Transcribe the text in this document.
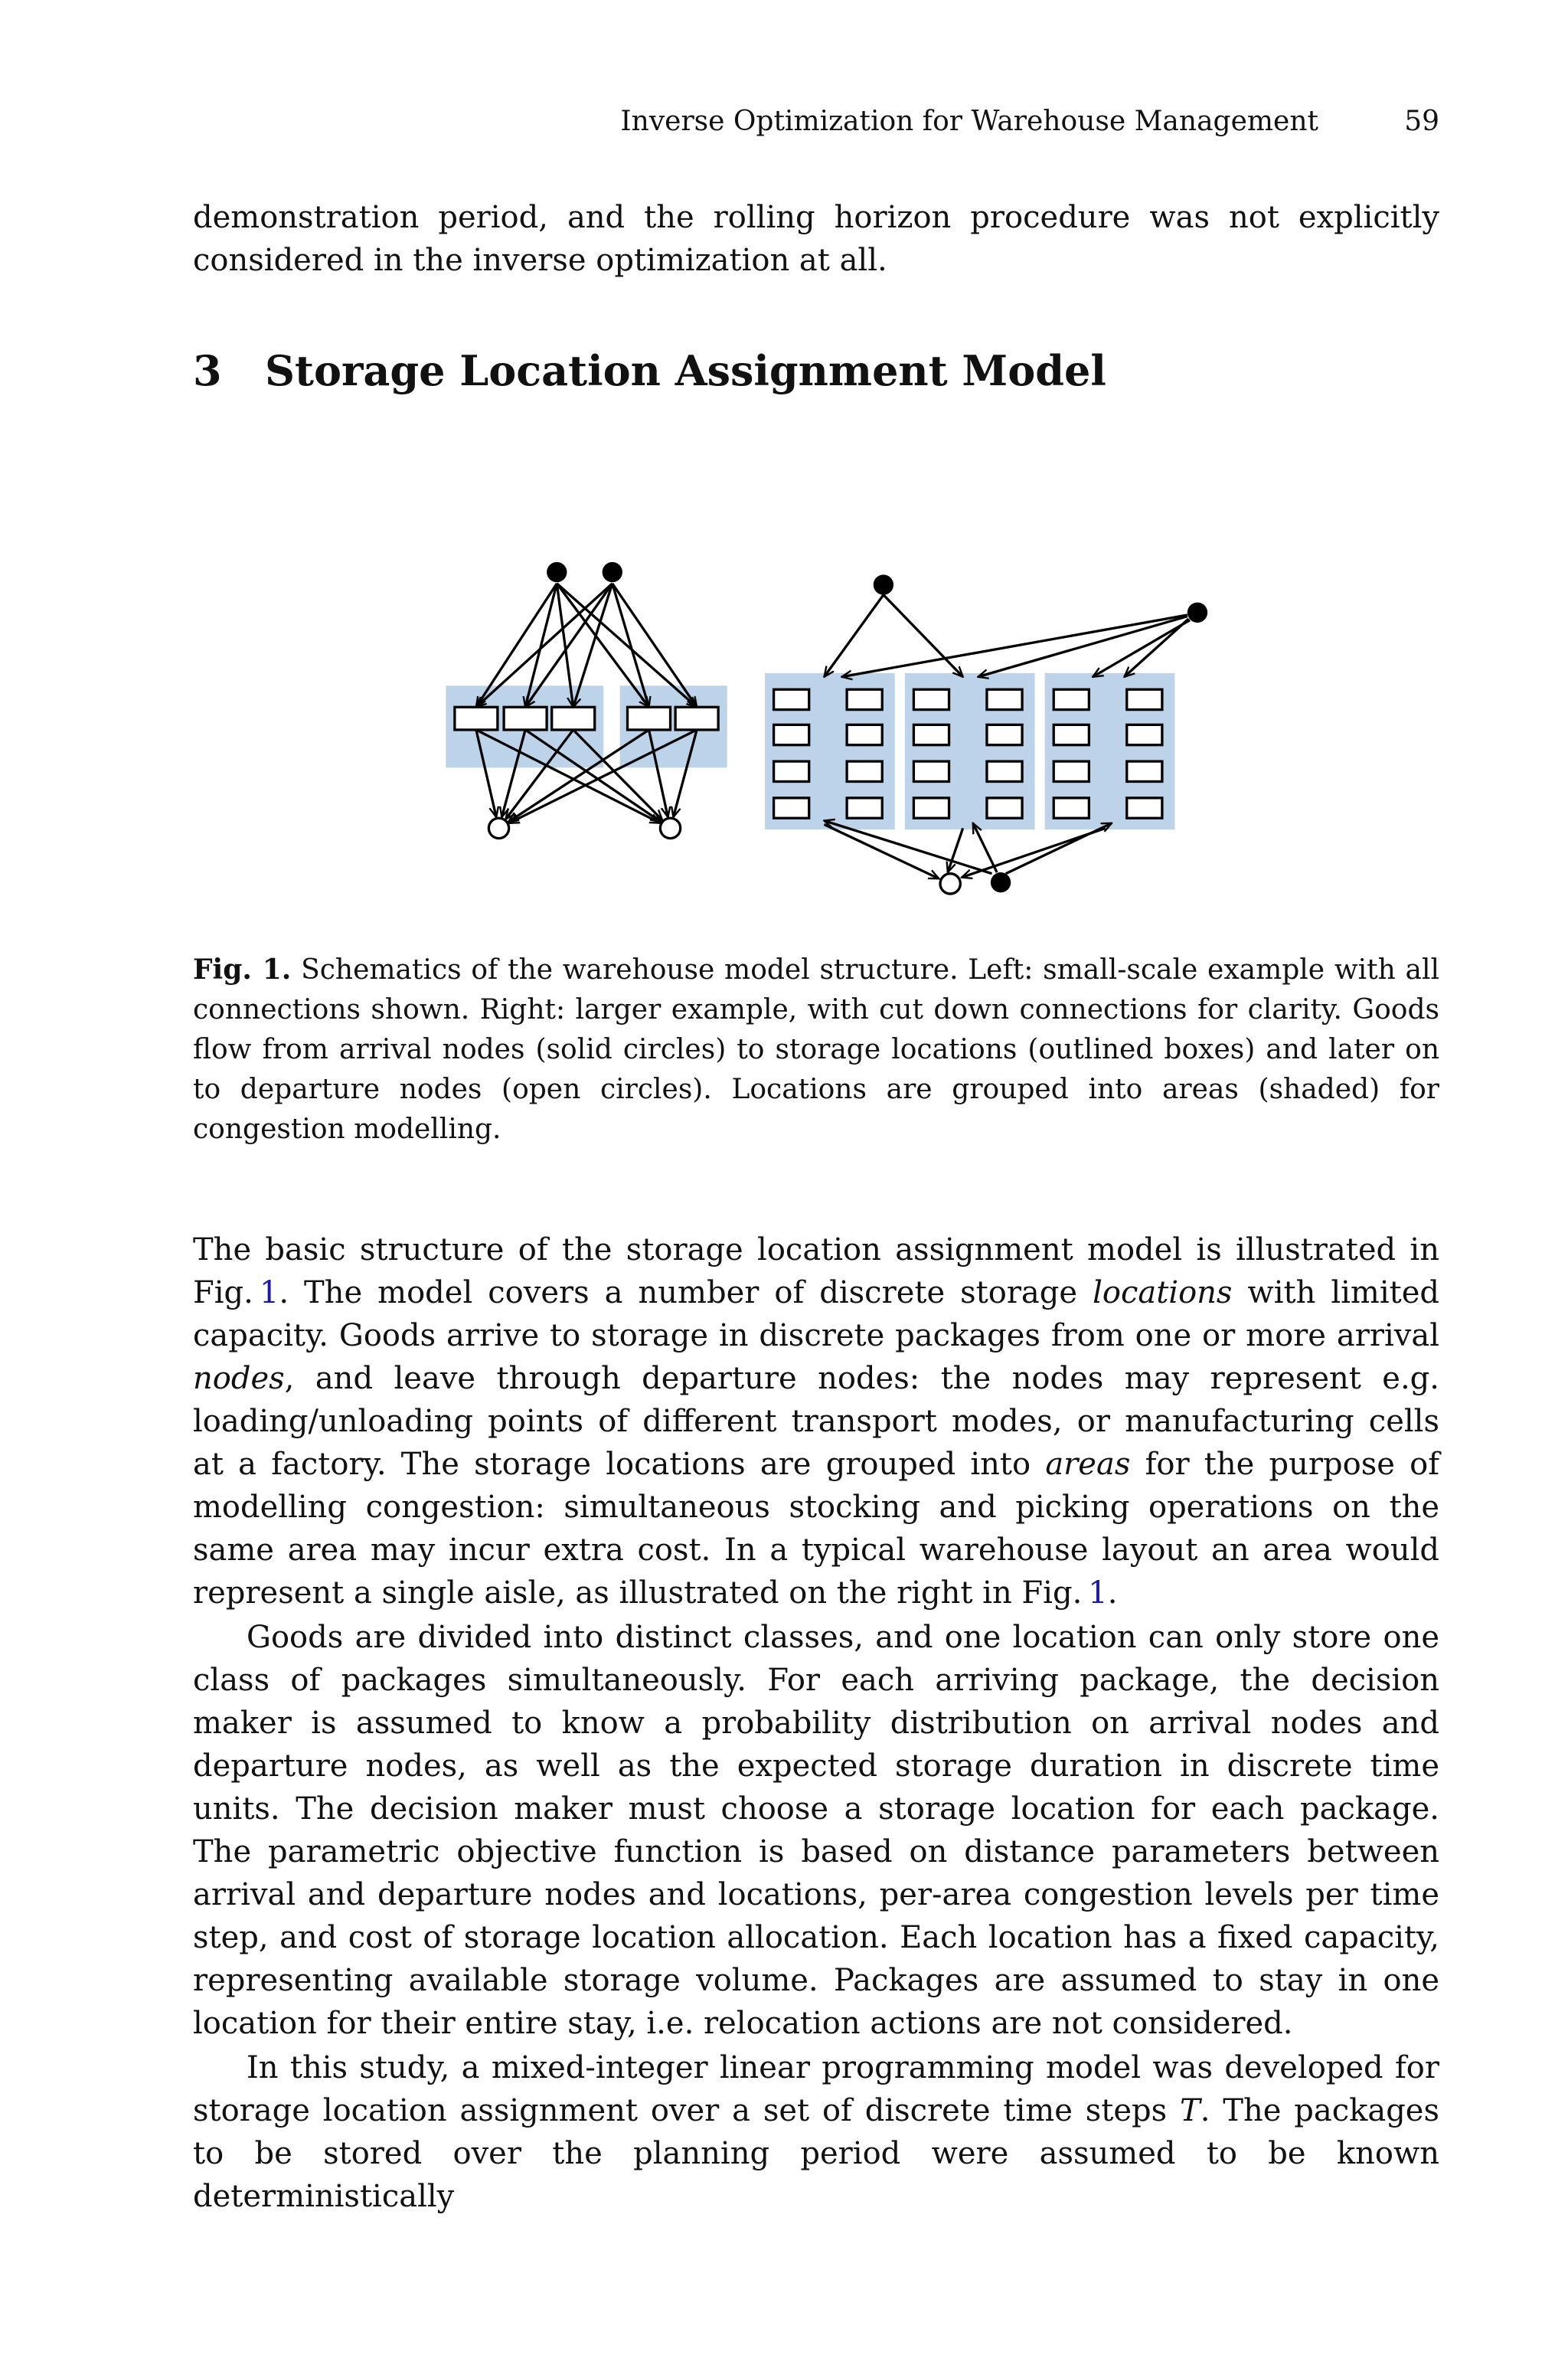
Inverse Optimization for Warehouse Management	59

demonstration period, and the rolling horizon procedure was not explicitly considered in the inverse optimization at all.

3 Storage Location Assignment Model

Fig. 1. Schematics of the warehouse model structure. Left: small-scale example with all connections shown. Right: larger example, with cut down connections for clarity. Goods flow from arrival nodes (solid circles) to storage locations (outlined boxes) and later on to departure nodes (open circles). Locations are grouped into areas (shaded) for congestion modelling.

The basic structure of the storage location assignment model is illustrated in Fig.  1. The model covers a number of discrete storage locations with limited capacity. Goods arrive to storage in discrete packages from one or more arrival nodes, and leave through departure nodes: the nodes may represent e.g. loading/unloading points of different transport modes, or manufacturing cells at a factory. The storage locations are grouped into areas for the purpose of modelling congestion: simultaneous stocking and picking operations on the same area may incur extra cost. In a typical warehouse layout an area would represent a single aisle, as illustrated on the right in Fig.  1.

Goods are divided into distinct classes, and one location can only store one class of packages simultaneously. For each arriving package, the decision maker is assumed to know a probability distribution on arrival nodes and departure nodes, as well as the expected storage duration in discrete time units. The decision maker must choose a storage location for each package. The parametric objective function is based on distance parameters between arrival and departure nodes and locations, per-area congestion levels per time step, and cost of storage location allocation. Each location has a fixed capacity, representing available storage volume. Packages are assumed to stay in one location for their entire stay, i.e. relocation actions are not considered.

In this study, a mixed-integer linear programming model was developed for storage location assignment over a set of discrete time steps T. The packages to be stored over the planning period were assumed to be known deterministically
